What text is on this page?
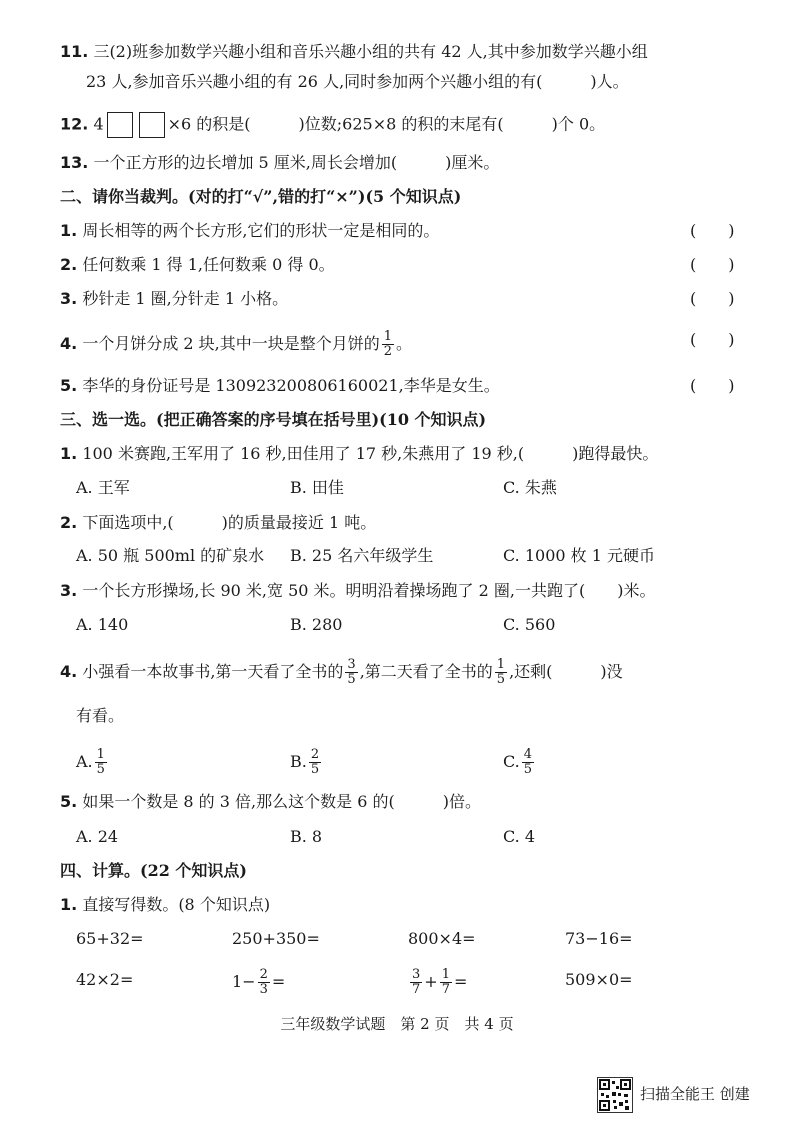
11. 三(2)班参加数学兴趣小组和音乐兴趣小组的共有 42 人,其中参加数学兴趣小组
23 人,参加音乐兴趣小组的有 26 人,同时参加两个兴趣小组的有(　　　)人。
12. 4	×6 的积是(　　　)位数;625×8 的积的末尾有(　　　)个 0。
13. 一个正方形的边长增加 5 厘米,周长会增加(　　　)厘米。
二、请你当裁判。(对的打“√”,错的打“×”)(5 个知识点)
1. 周长相等的两个长方形,它们的形状一定是相同的。	(　　)
2. 任何数乘 1 得 1,任何数乘 0 得 0。	(　　)
3. 秒针走 1 圈,分针走 1 小格。	(　　)
4. 一个月饼分成 2 块,其中一块是整个月饼的 $\frac{1}{2}$ 。	(　　)
5. 李华的身份证号是 130923200806160021,李华是女生。	(　　)
三、选一选。(把正确答案的序号填在括号里)(10 个知识点)
1. 100 米赛跑,王军用了 16 秒,田佳用了 17 秒,朱燕用了 19 秒,(　　　)跑得最快。
A. 王军	B. 田佳	C. 朱燕
2. 下面选项中,(　　　)的质量最接近 1 吨。
A. 50 瓶 500ml 的矿泉水 B. 25 名六年级学生	C. 1000 枚 1 元硬币
3. 一个长方形操场,长 90 米,宽 50 米。明明沿着操场跑了 2 圈,一共跑了(　　)米。
A. 140	B. 280	C. 560
4. 小强看一本故事书,第一天看了全书的 $\frac{3}{5}$ ,第二天看了全书的 $\frac{1}{5}$ ,还剩(　　　)没
有看。
A. $\frac{1}{5}$	B. $\frac{2}{5}$	C. $\frac{4}{5}$
5. 如果一个数是 8 的 3 倍,那么这个数是 6 的(　　　)倍。
A. 24	B. 8	C. 4
四、计算。(22 个知识点)
1. 直接写得数。(8 个知识点)
65+32=	250+350=	800×4=	73−16=
42×2=	$1- \frac{2}{3}$ =	$\frac{3}{7} + \frac{1}{7}$ =	509×0=
三年级数学试题　第 2 页　共 4 页
扫描全能王 创建
